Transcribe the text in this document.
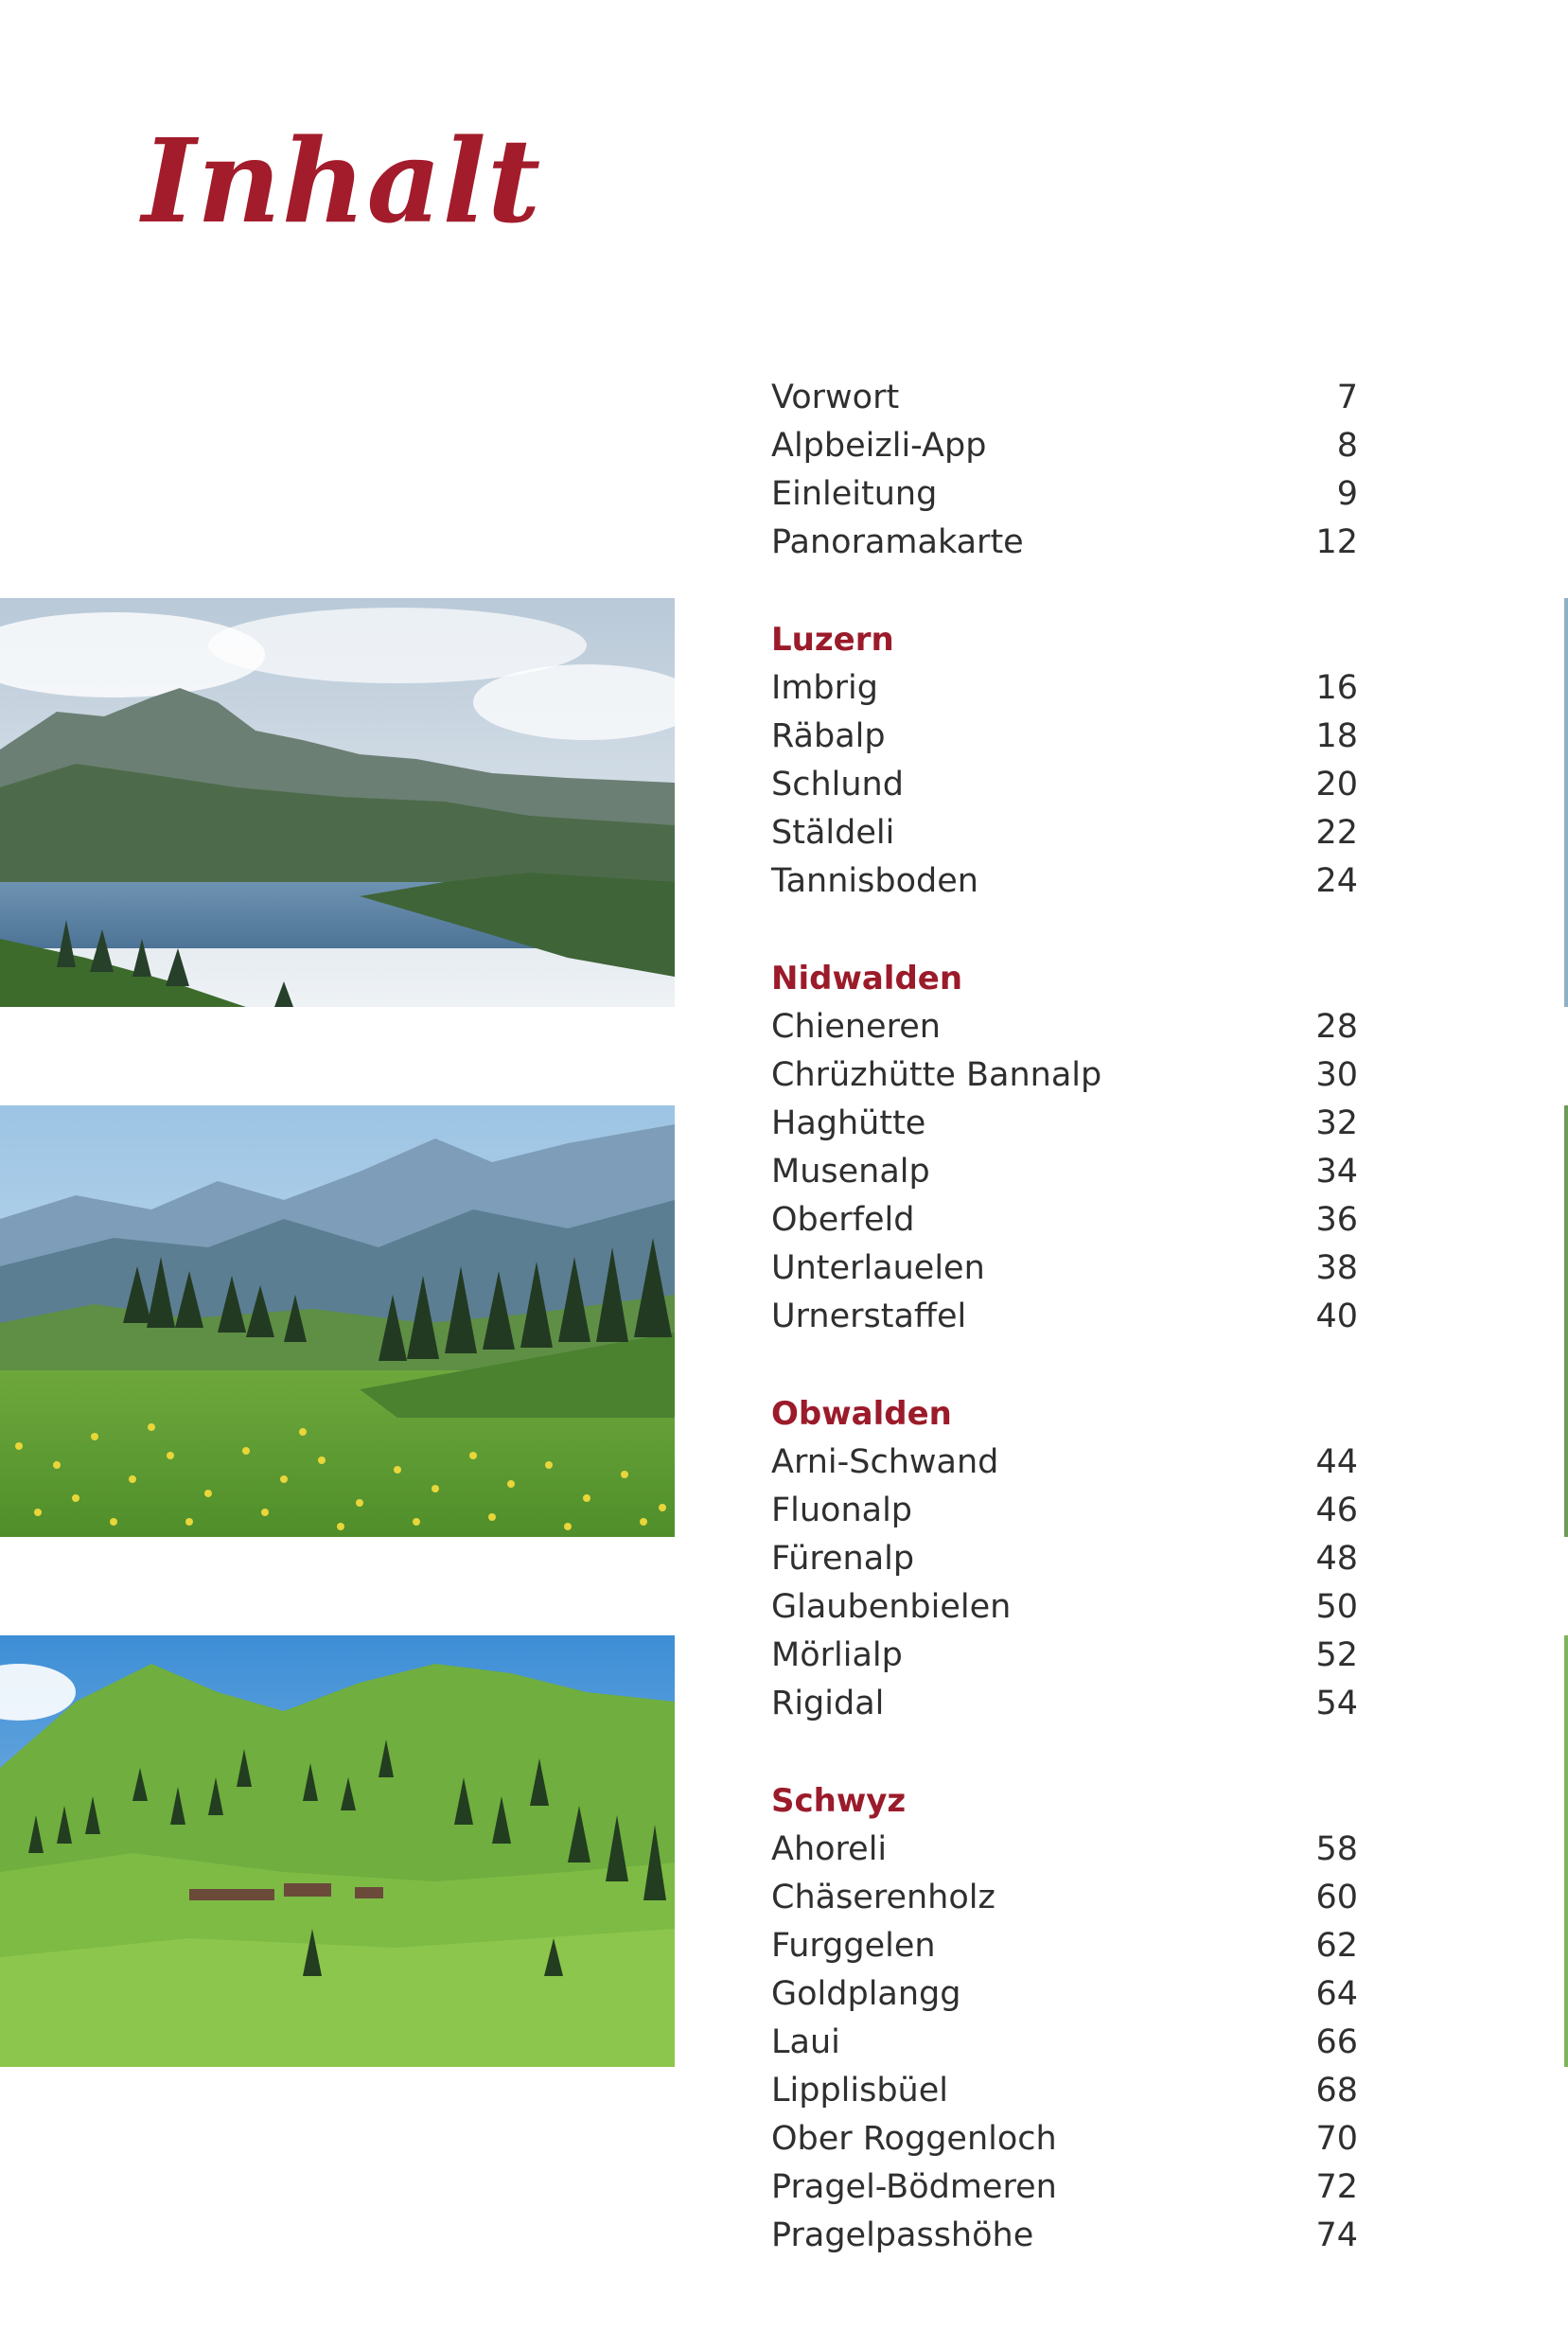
Inhalt
Vorwort	7
Alpbeizli-App	8
Einleitung	9
Panoramakarte	12
Luzern
Imbrig	16
Räbalp	18
Schlund	20
Stäldeli	22
Tannisboden	24
Nidwalden
Chieneren	28
Chrüzhütte Bannalp	30
Haghütte	32
Musenalp	34
Oberfeld	36
Unterlauelen	38
Urnerstaffel	40
Obwalden
Arni-Schwand	44
Fluonalp	46
Fürenalp	48
Glaubenbielen	50
Mörlialp	52
Rigidal	54
Schwyz
Ahoreli	58
Chäserenholz	60
Furggelen	62
Goldplangg	64
Laui	66
Lipplisbüel	68
Ober Roggenloch	70
Pragel-Bödmeren	72
Pragelpasshöhe	74
